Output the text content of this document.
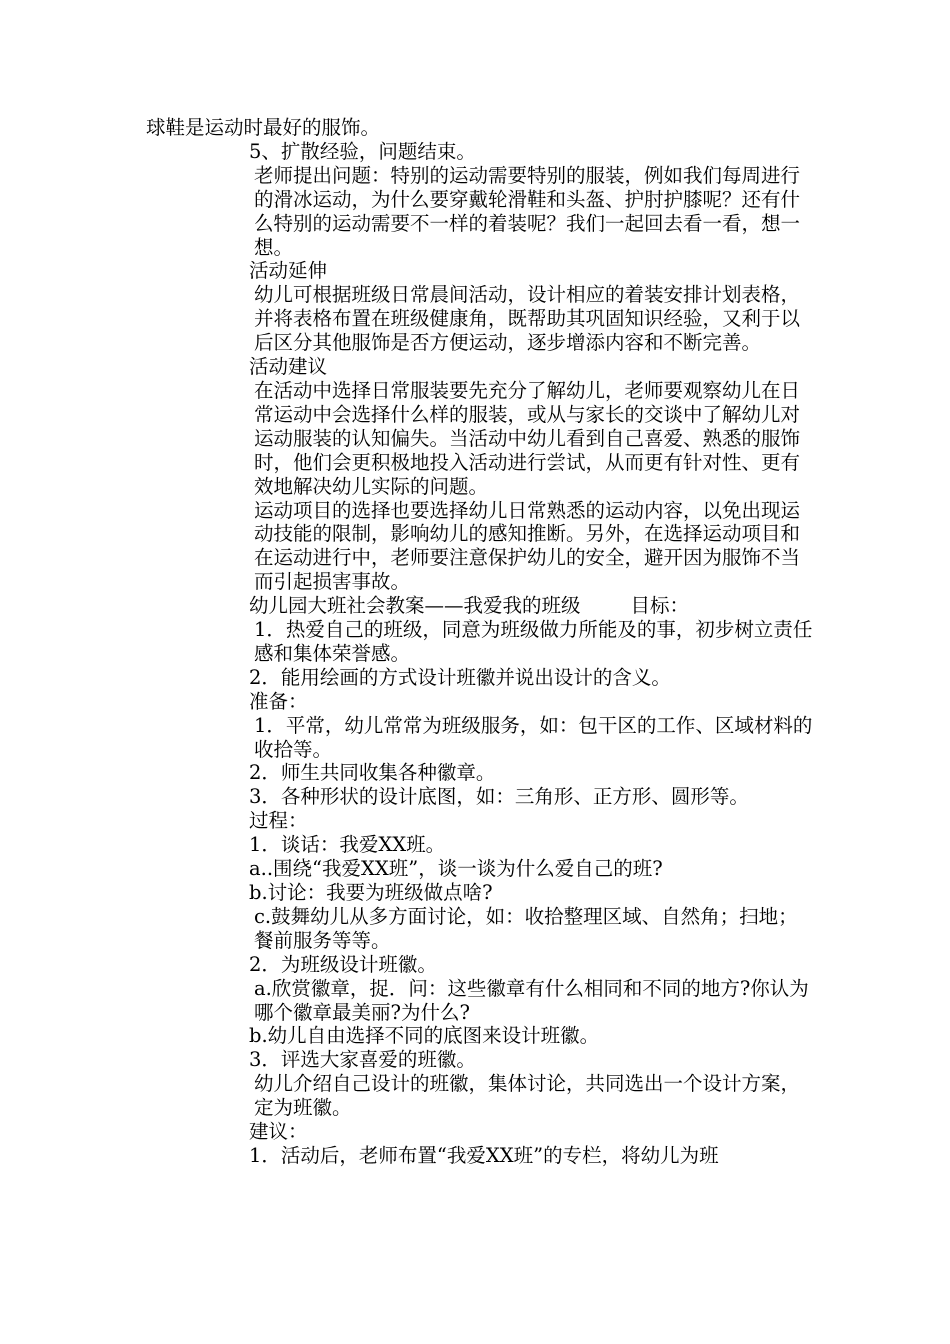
球鞋是运动时最好的服饰。

5、扩散经验，问题结束。

老师提出问题：特别的运动需要特别的服装，例如我们每周进行的滑冰运动，为什么要穿戴轮滑鞋和头盔、护肘护膝呢？还有什么特别的运动需要不一样的着装呢？我们一起回去看一看，想一想。

活动延伸

幼儿可根据班级日常晨间活动，设计相应的着装安排计划表格，并将表格布置在班级健康角，既帮助其巩固知识经验，又利于以后区分其他服饰是否方便运动，逐步增添内容和不断完善。

活动建议

在活动中选择日常服装要先充分了解幼儿，老师要观察幼儿在日常运动中会选择什么样的服装，或从与家长的交谈中了解幼儿对运动服装的认知偏失。当活动中幼儿看到自己喜爱、熟悉的服饰时，他们会更积极地投入活动进行尝试，从而更有针对性、更有效地解决幼儿实际的问题。

运动项目的选择也要选择幼儿日常熟悉的运动内容，以免出现运动技能的限制，影响幼儿的感知推断。另外，在选择运动项目和在运动进行中，老师要注意保护幼儿的安全，避开因为服饰不当而引起损害事故。

幼儿园大班社会教案——我爱我的班级	目标：

1．热爱自己的班级，同意为班级做力所能及的事，初步树立责任感和集体荣誉感。

2．能用绘画的方式设计班徽并说出设计的含义。

准备：

1．平常，幼儿常常为班级服务，如：包干区的工作、区域材料的收拾等。

2．师生共同收集各种徽章。

3．各种形状的设计底图，如：三角形、正方形、圆形等。

过程：

1．谈话：我爱XX班。

a..围绕“我爱XX班”，谈一谈为什么爱自己的班?

b.讨论：我要为班级做点啥?

c.鼓舞幼儿从多方面讨论，如：收拾整理区域、自然角；扫地；餐前服务等等。

2．为班级设计班徽。

a.欣赏徽章，捉．问：这些徽章有什么相同和不同的地方?你认为哪个徽章最美丽?为什么?

b.幼儿自由选择不同的底图来设计班徽。

3．评选大家喜爱的班徽。

幼儿介绍自己设计的班徽，集体讨论，共同选出一个设计方案，定为班徽。

建议：

1．活动后，老师布置“我爱XX班”的专栏，将幼儿为班
